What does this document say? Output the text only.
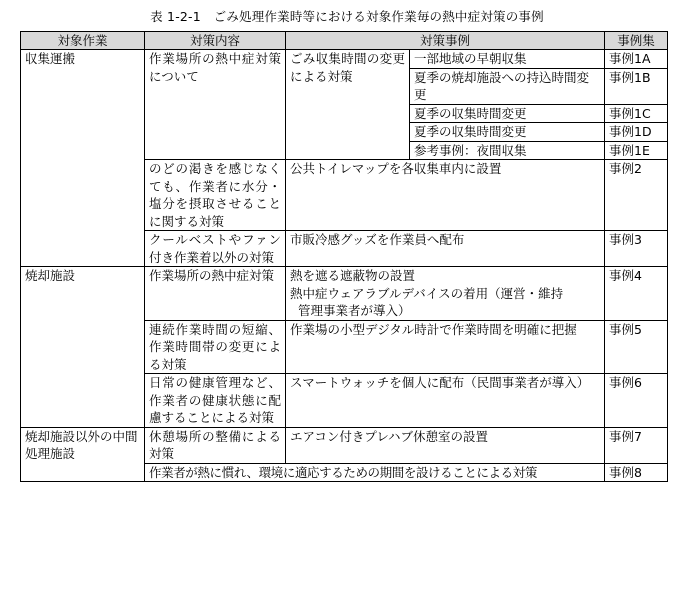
表 1-2-1　ごみ処理作業時等における対象作業毎の熱中症対策の事例
対象作業	対策内容	対策事例		事例集
収集運搬	作業場所の熱中症対策について	ごみ収集時間の変更による対策	一部地域の早朝収集	事例1A
			夏季の焼却施設への持込時間変更	事例1B

			夏季の収集時間変更	事例1C
			夏季の収集時間変更	事例1D
			参考事例：夜間収集	事例1E
	のどの渇きを感じなくても、作業者に水分・塩分を摂取させることに関する対策	公共トイレマップを各収集車内に設置		事例2
	クールベストやファン付き作業着以外の対策	市販冷感グッズを作業員へ配布		事例3
焼却施設	作業場所の熱中症対策	熱を遮る遮蔽物の設置
熱中症ウェアラブルデバイスの着用（運営・維持
管理事業者が導入）		事例4
	連続作業時間の短縮、作業時間帯の変更による対策	作業場の小型デジタル時計で作業時間を明確に把握		事例5
	日常の健康管理など、作業者の健康状態に配慮することによる対策	スマートウォッチを個人に配布（民間事業者が導入）		事例6
焼却施設以外の中間処理施設	休憩場所の整備による対策	エアコン付きプレハブ休憩室の設置		事例7
	作業者が熱に慣れ、環境に適応するための期間を設けることによる対策			事例8
